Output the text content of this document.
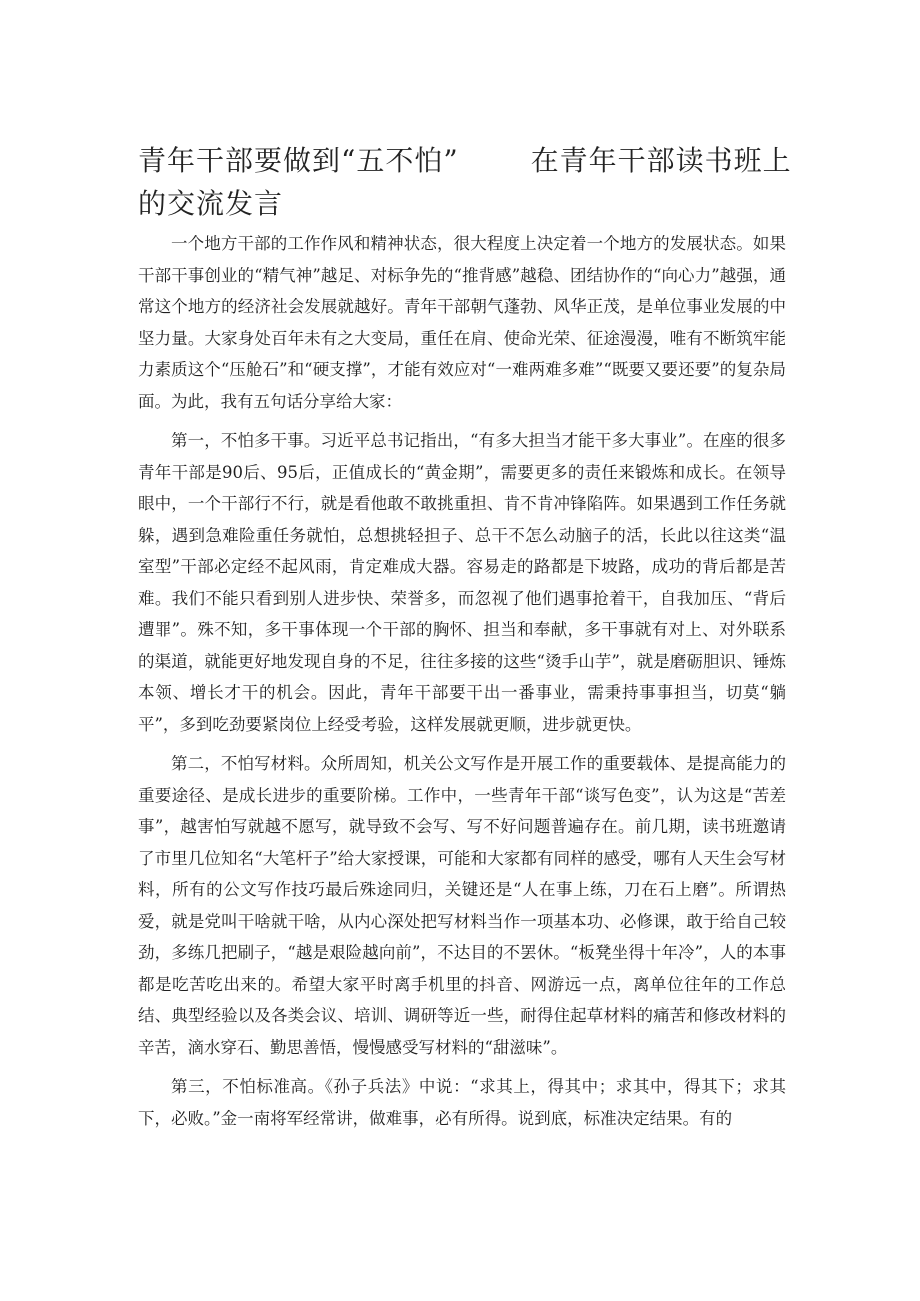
青年干部要做到“五不怕”	在青年干部读书班上
的交流发言

一个地方干部的工作作风和精神状态，很大程度上决定着一个地方的发展状态。如果干部干事创业的“精气神”越足、对标争先的“推背感”越稳、团结协作的“向心力”越强，通常这个地方的经济社会发展就越好。青年干部朝气蓬勃、风华正茂，是单位事业发展的中坚力量。大家身处百年未有之大变局，重任在肩、使命光荣、征途漫漫，唯有不断筑牢能力素质这个“压舱石”和“硬支撑”，才能有效应对“一难两难多难”“既要又要还要”的复杂局面。为此，我有五句话分享给大家：

第一，不怕多干事。习近平总书记指出，“有多大担当才能干多大事业”。在座的很多青年干部是90后、95后，正值成长的“黄金期”，需要更多的责任来锻炼和成长。在领导眼中，一个干部行不行，就是看他敢不敢挑重担、肯不肯冲锋陷阵。如果遇到工作任务就躲，遇到急难险重任务就怕，总想挑轻担子、总干不怎么动脑子的活，长此以往这类“温室型”干部必定经不起风雨，肯定难成大器。容易走的路都是下坡路，成功的背后都是苦难。我们不能只看到别人进步快、荣誉多，而忽视了他们遇事抢着干，自我加压、“背后遭罪”。殊不知，多干事体现一个干部的胸怀、担当和奉献，多干事就有对上、对外联系的渠道，就能更好地发现自身的不足，往往多接的这些“烫手山芋”，就是磨砺胆识、锤炼本领、增长才干的机会。因此，青年干部要干出一番事业，需秉持事事担当，切莫“躺平”，多到吃劲要紧岗位上经受考验，这样发展就更顺，进步就更快。

第二，不怕写材料。众所周知，机关公文写作是开展工作的重要载体、是提高能力的重要途径、是成长进步的重要阶梯。工作中，一些青年干部“谈写色变”，认为这是“苦差事”，越害怕写就越不愿写，就导致不会写、写不好问题普遍存在。前几期，读书班邀请了市里几位知名“大笔杆子”给大家授课，可能和大家都有同样的感受，哪有人天生会写材料，所有的公文写作技巧最后殊途同归，关键还是“人在事上练，刀在石上磨”。所谓热爱，就是党叫干啥就干啥，从内心深处把写材料当作一项基本功、必修课，敢于给自己较劲，多练几把刷子，“越是艰险越向前”，不达目的不罢休。“板凳坐得十年冷”，人的本事都是吃苦吃出来的。希望大家平时离手机里的抖音、网游远一点，离单位往年的工作总结、典型经验以及各类会议、培训、调研等近一些，耐得住起草材料的痛苦和修改材料的辛苦，滴水穿石、勤思善悟，慢慢感受写材料的“甜滋味”。

第三，不怕标准高。《孙子兵法》中说：“求其上，得其中；求其中，得其下；求其下，必败。”金一南将军经常讲，做难事，必有所得。说到底，标准决定结果。有的
